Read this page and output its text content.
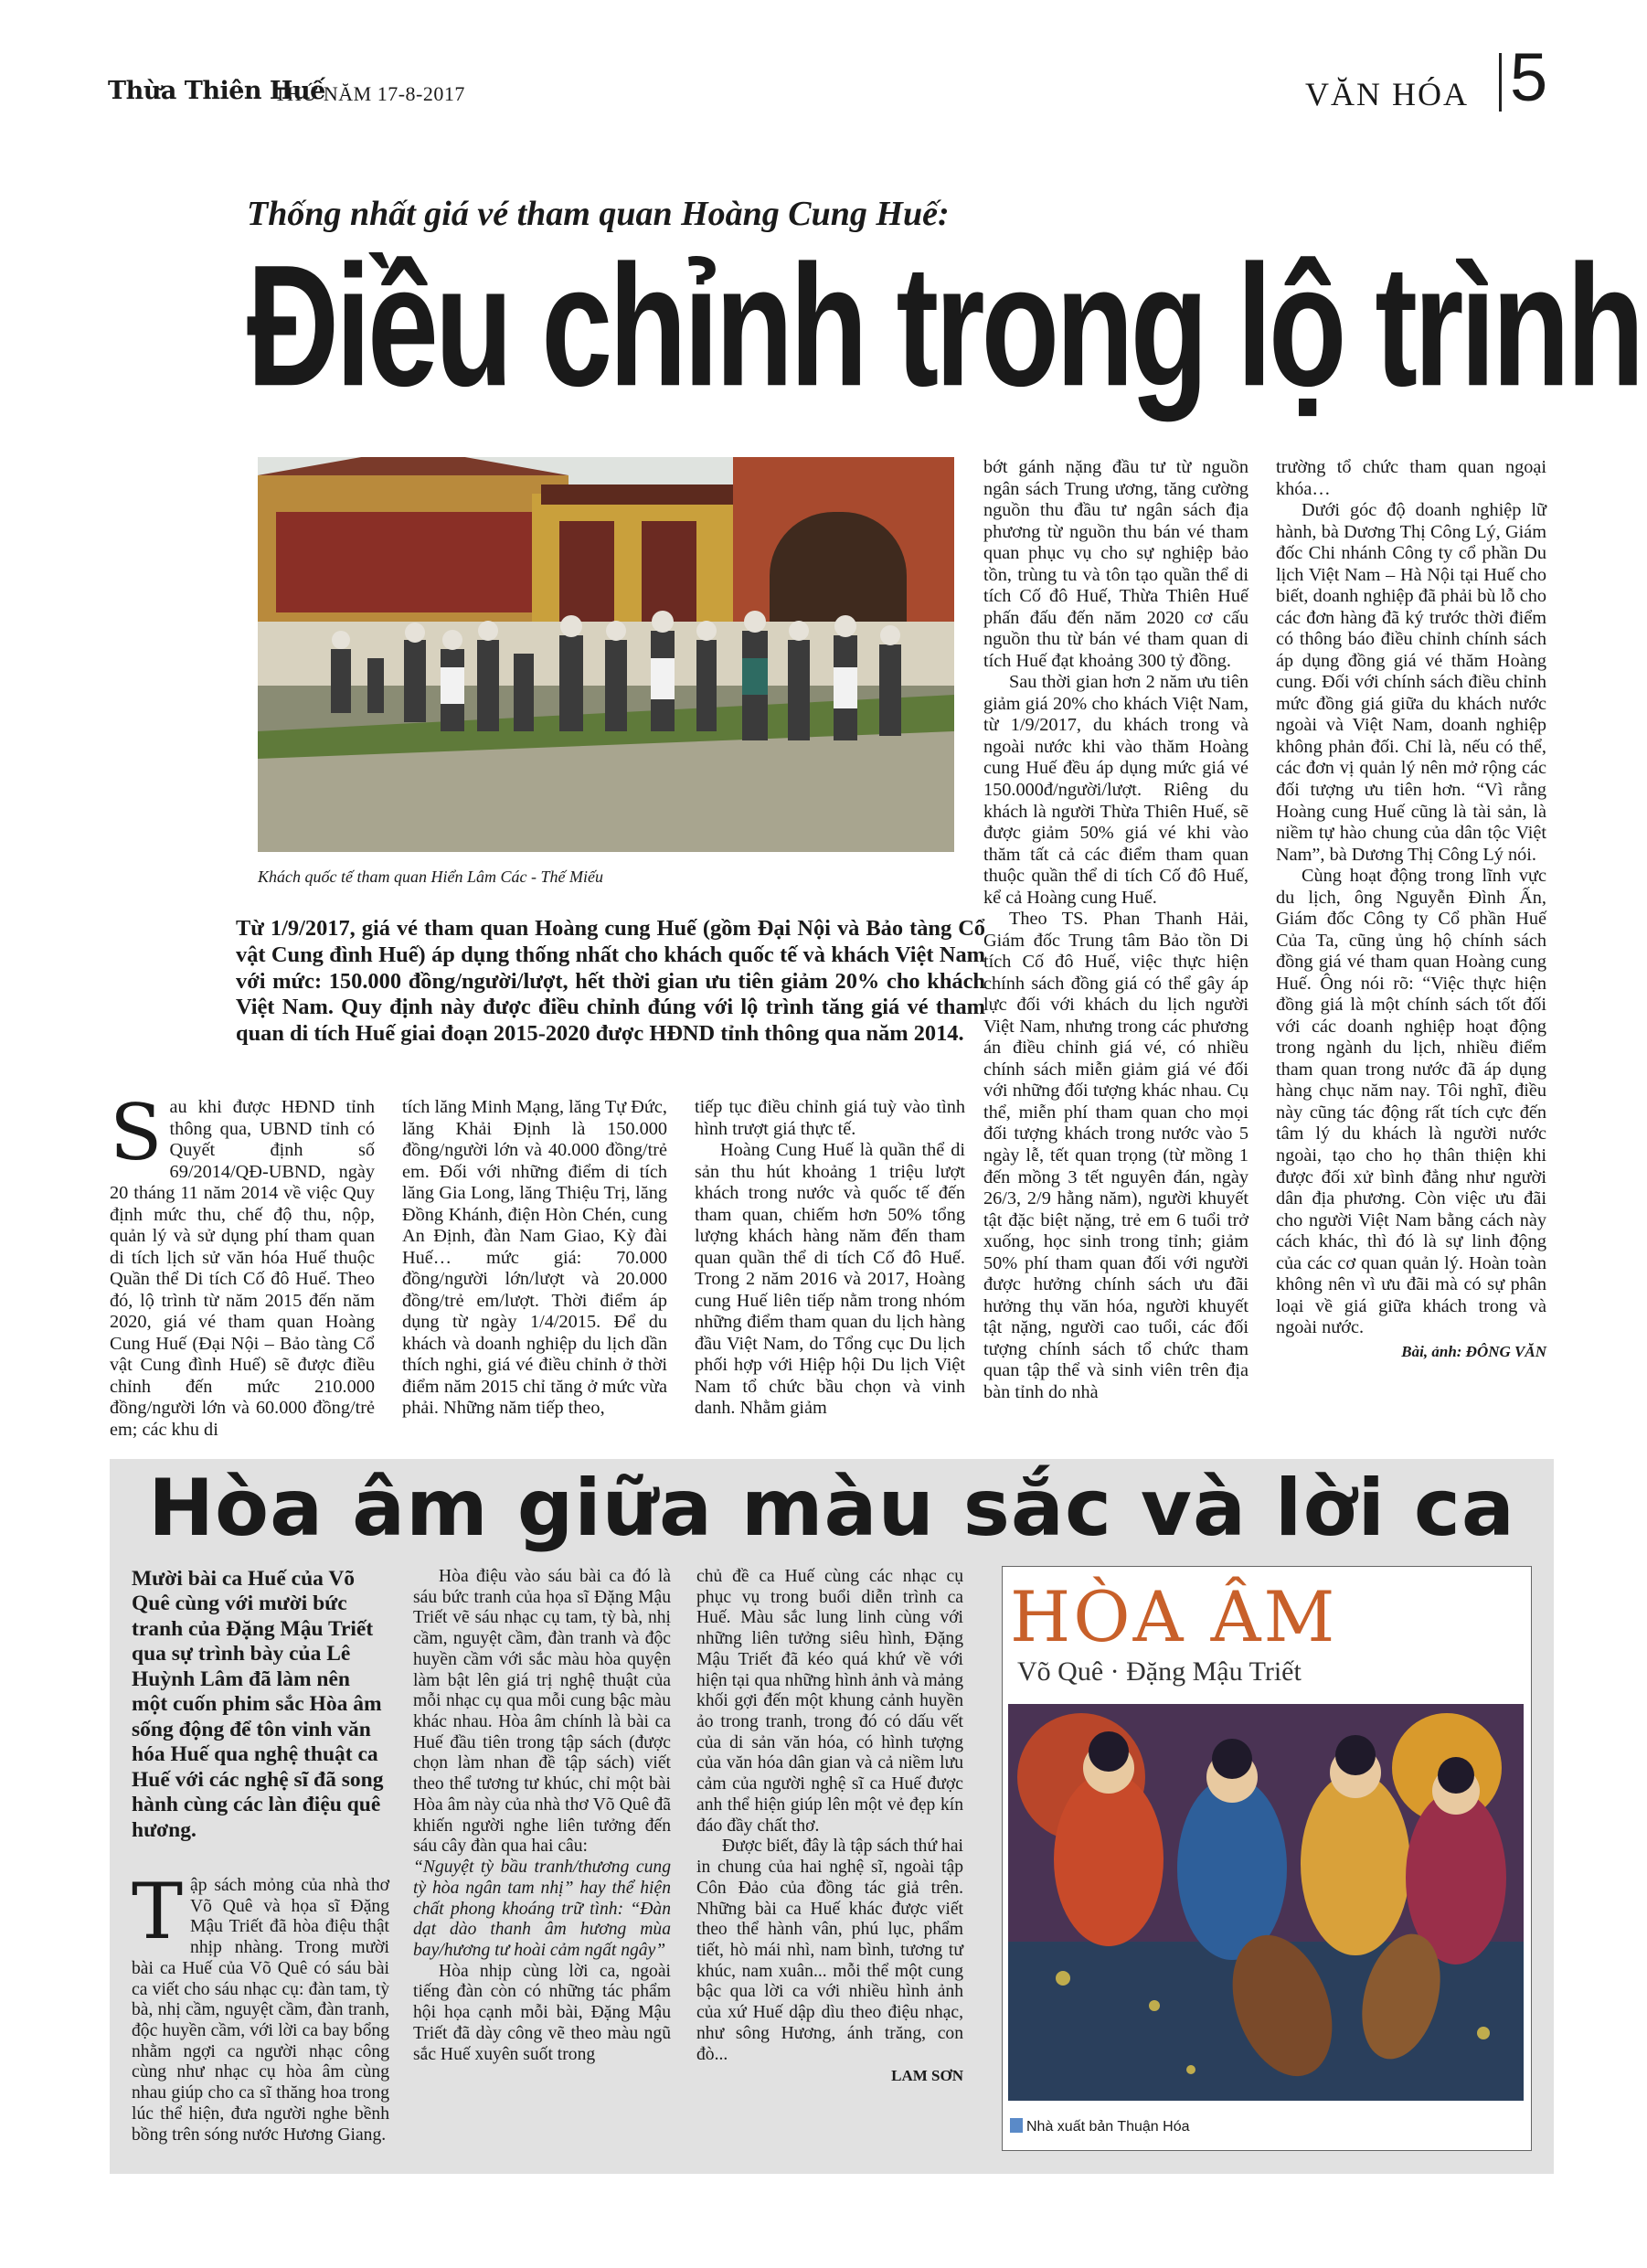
Thừa Thiên Huế
THỨ NĂM 17-8-2017	VĂN HÓA 5
Thống nhất giá vé tham quan Hoàng Cung Huế:
Điều chỉnh trong lộ trình
Khách quốc tế tham quan Hiển Lâm Các - Thế Miếu
Từ 1/9/2017, giá vé tham quan Hoàng cung Huế (gồm Đại Nội và Bảo tàng Cổ vật Cung đình Huế) áp dụng thống nhất cho khách quốc tế và khách Việt Nam với mức: 150.000 đồng/người/lượt, hết thời gian ưu tiên giảm 20% cho khách Việt Nam. Quy định này được điều chỉnh đúng với lộ trình tăng giá vé tham quan di tích Huế giai đoạn 2015-2020 được HĐND tỉnh thông qua năm 2014.
Sau khi được HĐND tỉnh thông qua, UBND tỉnh có Quyết định số 69/2014/QĐ-UBND, ngày 20 tháng 11 năm 2014 về việc Quy định mức thu, chế độ thu, nộp, quản lý và sử dụng phí tham quan di tích lịch sử văn hóa Huế thuộc Quần thể Di tích Cố đô Huế. Theo đó, lộ trình từ năm 2015 đến năm 2020, giá vé tham quan Hoàng Cung Huế (Đại Nội – Bảo tàng Cổ vật Cung đình Huế) sẽ được điều chỉnh đến mức 210.000 đồng/người lớn và 60.000 đồng/trẻ em; các khu di

tích lăng Minh Mạng, lăng Tự Đức, lăng Khải Định là 150.000 đồng/người lớn và 40.000 đồng/trẻ em. Đối với những điểm di tích lăng Gia Long, lăng Thiệu Trị, lăng Đồng Khánh, điện Hòn Chén, cung An Định, đàn Nam Giao, Kỳ đài Huế… mức giá: 70.000 đồng/người lớn/lượt và 20.000 đồng/trẻ em/lượt. Thời điểm áp dụng từ ngày 1/4/2015. Để du khách và doanh nghiệp du lịch dần thích nghi, giá vé điều chỉnh ở thời điểm năm 2015 chỉ tăng ở mức vừa phải. Những năm tiếp theo,

tiếp tục điều chỉnh giá tuỳ vào tình hình trượt giá thực tế.

Hoàng Cung Huế là quần thể di sản thu hút khoảng 1 triệu lượt khách trong nước và quốc tế đến tham quan, chiếm hơn 50% tổng lượng khách hàng năm đến tham quan quần thể di tích Cố đô Huế. Trong 2 năm 2016 và 2017, Hoàng cung Huế liên tiếp nằm trong nhóm những điểm tham quan du lịch hàng đầu Việt Nam, do Tổng cục Du lịch phối hợp với Hiệp hội Du lịch Việt Nam tổ chức bầu chọn và vinh danh. Nhằm giảm

bớt gánh nặng đầu tư từ nguồn ngân sách Trung ương, tăng cường nguồn thu đầu tư ngân sách địa phương từ nguồn thu bán vé tham quan phục vụ cho sự nghiệp bảo tồn, trùng tu và tôn tạo quần thể di tích Cố đô Huế, Thừa Thiên Huế phấn đấu đến năm 2020 cơ cấu nguồn thu từ bán vé tham quan di tích Huế đạt khoảng 300 tỷ đồng.

Sau thời gian hơn 2 năm ưu tiên giảm giá 20% cho khách Việt Nam, từ 1/9/2017, du khách trong và ngoài nước khi vào thăm Hoàng cung Huế đều áp dụng mức giá vé 150.000đ/người/lượt. Riêng du khách là người Thừa Thiên Huế, sẽ được giảm 50% giá vé khi vào thăm tất cả các điểm tham quan thuộc quần thể di tích Cố đô Huế, kể cả Hoàng cung Huế.

Theo TS. Phan Thanh Hải, Giám đốc Trung tâm Bảo tồn Di tích Cố đô Huế, việc thực hiện chính sách đồng giá có thể gây áp lực đối với khách du lịch người Việt Nam, nhưng trong các phương án điều chỉnh giá vé, có nhiều chính sách miễn giảm giá vé đối với những đối tượng khác nhau. Cụ thể, miễn phí tham quan cho mọi đối tượng khách trong nước vào 5 ngày lễ, tết quan trọng (từ mồng 1 đến mồng 3 tết nguyên đán, ngày 26/3, 2/9 hằng năm), người khuyết tật đặc biệt nặng, trẻ em 6 tuổi trở xuống, học sinh trong tỉnh; giảm 50% phí tham quan đối với người được hưởng chính sách ưu đãi hưởng thụ văn hóa, người khuyết tật nặng, người cao tuổi, các đối tượng chính sách tổ chức tham quan tập thể và sinh viên trên địa bàn tỉnh do nhà

trường tổ chức tham quan ngoại khóa…

Dưới góc độ doanh nghiệp lữ hành, bà Dương Thị Công Lý, Giám đốc Chi nhánh Công ty cổ phần Du lịch Việt Nam – Hà Nội tại Huế cho biết, doanh nghiệp đã phải bù lỗ cho các đơn hàng đã ký trước thời điểm có thông báo điều chỉnh chính sách áp dụng đồng giá vé thăm Hoàng cung. Đối với chính sách điều chỉnh mức đồng giá giữa du khách nước ngoài và Việt Nam, doanh nghiệp không phản đối. Chỉ là, nếu có thể, các đơn vị quản lý nên mở rộng các đối tượng ưu tiên hơn. “Vì rằng Hoàng cung Huế cũng là tài sản, là niềm tự hào chung của dân tộc Việt Nam”, bà Dương Thị Công Lý nói.

Cùng hoạt động trong lĩnh vực du lịch, ông Nguyễn Đình Ấn, Giám đốc Công ty Cổ phần Huế Của Ta, cũng ủng hộ chính sách đồng giá vé tham quan Hoàng cung Huế. Ông nói rõ: “Việc thực hiện đồng giá là một chính sách tốt đối với các doanh nghiệp hoạt động trong ngành du lịch, nhiều điểm tham quan trong nước đã áp dụng hàng chục năm nay. Tôi nghĩ, điều này cũng tác động rất tích cực đến tâm lý du khách là người nước ngoài, tạo cho họ thân thiện khi được đối xử bình đẳng như người dân địa phương. Còn việc ưu đãi cho người Việt Nam bằng cách này cách khác, thì đó là sự linh động của các cơ quan quản lý. Hoàn toàn không nên vì ưu đãi mà có sự phân loại về giá giữa khách trong và ngoài nước.

Bài, ảnh: ĐÔNG VĂN
Hòa âm giữa màu sắc và lời ca
Mười bài ca Huế của Võ Quê cùng với mười bức tranh của Đặng Mậu Triết qua sự trình bày của Lê Huỳnh Lâm đã làm nên một cuốn phim sắc Hòa âm sống động để tôn vinh văn hóa Huế qua nghệ thuật ca Huế với các nghệ sĩ đã song hành cùng các làn điệu quê hương.
Tập sách mỏng của nhà thơ Võ Quê và họa sĩ Đặng Mậu Triết đã hòa điệu thật nhịp nhàng. Trong mười bài ca Huế của Võ Quê có sáu bài ca viết cho sáu nhạc cụ: đàn tam, tỳ bà, nhị cầm, nguyệt cầm, đàn tranh, độc huyền cầm, với lời ca bay bổng nhằm ngợi ca người nhạc công cùng như nhạc cụ hòa âm cùng nhau giúp cho ca sĩ thăng hoa trong lúc thể hiện, đưa người nghe bềnh bồng trên sóng nước Hương Giang.

Hòa điệu vào sáu bài ca đó là sáu bức tranh của họa sĩ Đặng Mậu Triết vẽ sáu nhạc cụ tam, tỳ bà, nhị cầm, nguyệt cầm, đàn tranh và độc huyền cầm với sắc màu hòa quyện làm bật lên giá trị nghệ thuật của mỗi nhạc cụ qua mỗi cung bậc màu khác nhau. Hòa âm chính là bài ca Huế đầu tiên trong tập sách (được chọn làm nhan đề tập sách) viết theo thể tương tư khúc, chỉ một bài Hòa âm này của nhà thơ Võ Quê đã khiến người nghe liên tưởng đến sáu cây đàn qua hai câu:

“Nguyệt tỳ bầu tranh/thương cung tỳ hòa ngân tam nhị” hay thể hiện chất phong khoáng trữ tình: “Đàn dạt dào thanh âm hương mùa bay/hương tư hoài cảm ngất ngây”

Hòa nhịp cùng lời ca, ngoài tiếng đàn còn có những tác phẩm hội họa cạnh mỗi bài, Đặng Mậu Triết đã dày công vẽ theo màu ngũ sắc Huế xuyên suốt trong

chủ đề ca Huế cùng các nhạc cụ phục vụ trong buổi diễn trình ca Huế. Màu sắc lung linh cùng với những liên tưởng siêu hình, Đặng Mậu Triết đã kéo quá khứ về với hiện tại qua những hình ảnh và mảng khối gợi đến một khung cảnh huyền ảo trong tranh, trong đó có dấu vết của di sản văn hóa, có hình tượng của văn hóa dân gian và cả niềm lưu cảm của người nghệ sĩ ca Huế được anh thể hiện giúp lên một vẻ đẹp kín đáo đầy chất thơ.

Được biết, đây là tập sách thứ hai in chung của hai nghệ sĩ, ngoài tập Côn Đảo của đồng tác giả trên. Những bài ca Huế khác được viết theo thể hành vân, phú lục, phẩm tiết, hò mái nhì, nam bình, tương tư khúc, nam xuân... mỗi thể một cung bậc qua lời ca với nhiều hình ảnh của xứ Huế dập dìu theo điệu nhạc, như sông Hương, ánh trăng, con đò...

LAM SƠN
HÒA ÂM
Võ Quê · Đặng Mậu Triết
Nhà xuất bản Thuận Hóa
